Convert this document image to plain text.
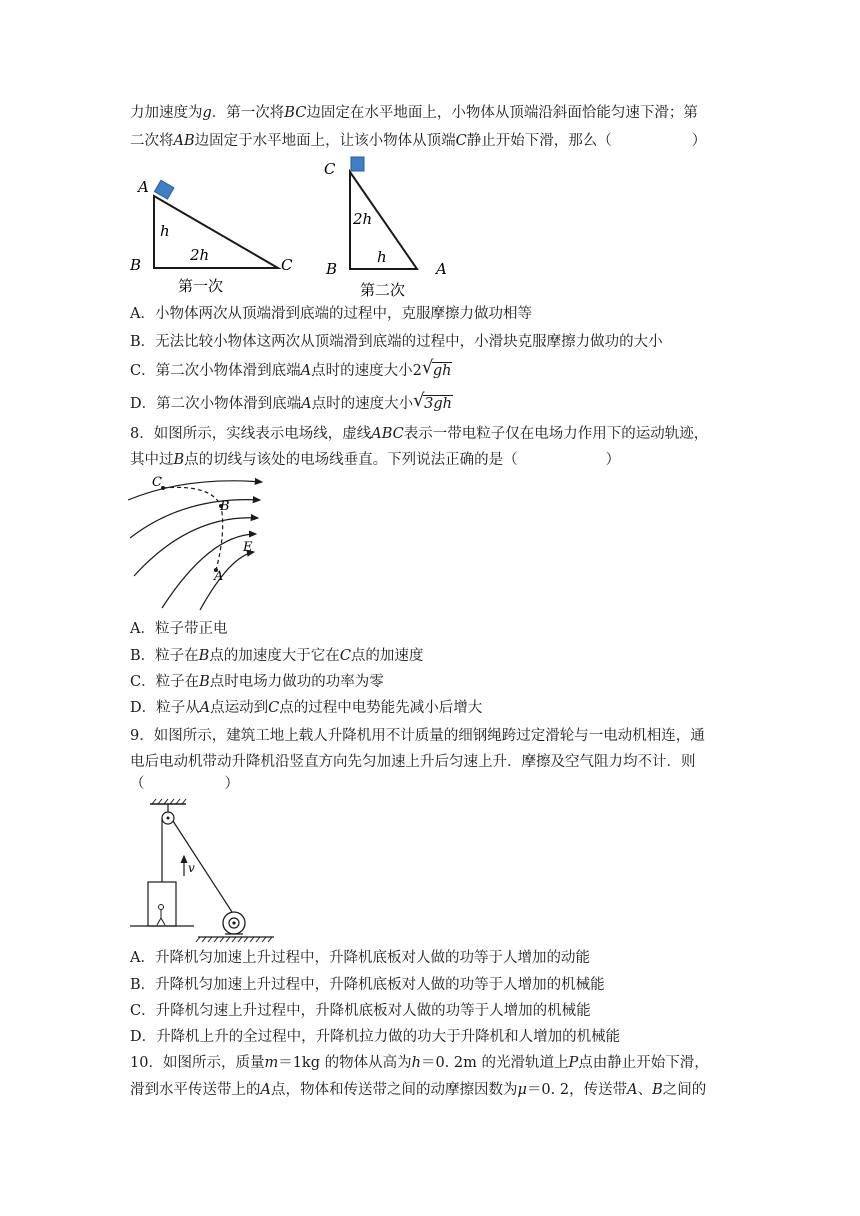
力加速度为g．第一次将BC边固定在水平地面上，小物体从顶端沿斜面恰能匀速下滑；第
二次将AB边固定于水平地面上，让该小物体从顶端C静止开始下滑，那么（	）
A
B	C
h
2h
第一次
C
B	A
2h
h
第二次
A．小物体两次从顶端滑到底端的过程中，克服摩擦力做功相等
B．无法比较小物体这两次从顶端滑到底端的过程中，小滑块克服摩擦力做功的大小
C．第二次小物体滑到底端A点时的速度大小2 √ gh
D．第二次小物体滑到底端A点时的速度大小 √ 3gh
8．如图所示，实线表示电场线，虚线ABC表示一带电粒子仅在电场力作用下的运动轨迹，
其中过B点的切线与该处的电场线垂直。下列说法正确的是（	）
C
B
A
E
A．粒子带正电
B．粒子在B点的加速度大于它在C点的加速度
C．粒子在B点时电场力做功的功率为零
D．粒子从A点运动到C点的过程中电势能先减小后增大
9．如图所示，建筑工地上载人升降机用不计质量的细钢绳跨过定滑轮与一电动机相连，通
电后电动机带动升降机沿竖直方向先匀加速上升后匀速上升．摩擦及空气阻力均不计．则
（	）
v
A．升降机匀加速上升过程中，升降机底板对人做的功等于人增加的动能
B．升降机匀加速上升过程中，升降机底板对人做的功等于人增加的机械能
C．升降机匀速上升过程中，升降机底板对人做的功等于人增加的机械能
D．升降机上升的全过程中，升降机拉力做的功大于升降机和人增加的机械能
10．如图所示，质量m＝1kg 的物体从高为h＝0. 2m 的光滑轨道上P点由静止开始下滑，
滑到水平传送带上的A点，物体和传送带之间的动摩擦因数为μ＝0. 2，传送带A、B之间的
